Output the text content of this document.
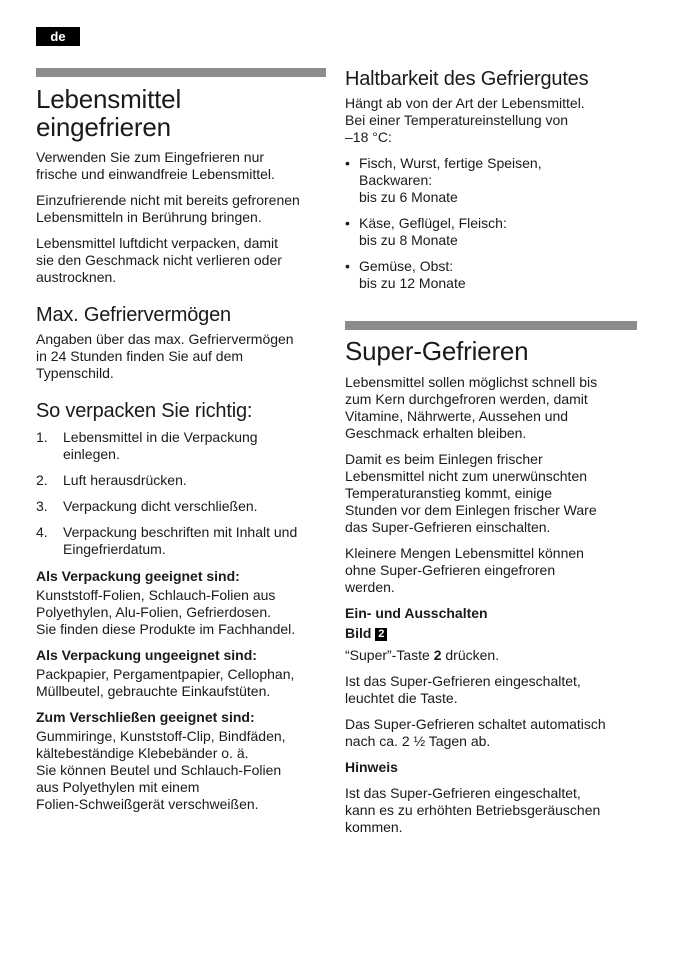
de
Lebensmittel
eingefrieren

Verwenden Sie zum Eingefrieren nur
frische und einwandfreie Lebensmittel.

Einzufrierende nicht mit bereits gefrorenen
Lebensmitteln in Berührung bringen.

Lebensmittel luftdicht verpacken, damit
sie den Geschmack nicht verlieren oder
austrocknen.

Max. Gefriervermögen

Angaben über das max. Gefriervermögen
in 24 Stunden finden Sie auf dem
Typenschild.

So verpacken Sie richtig:
1. Lebensmittel in die Verpackung
einlegen.
2. Luft herausdrücken.
3. Verpackung dicht verschließen.
4. Verpackung beschriften mit Inhalt und
Eingefrierdatum.

Als Verpackung geeignet sind:

Kunststoff-Folien, Schlauch-Folien aus
Polyethylen, Alu-Folien, Gefrierdosen.
Sie finden diese Produkte im Fachhandel.

Als Verpackung ungeeignet sind:

Packpapier, Pergamentpapier, Cellophan,
Müllbeutel, gebrauchte Einkaufstüten.

Zum Verschließen geeignet sind:

Gummiringe, Kunststoff-Clip, Bindfäden,
kältebeständige Klebebänder o. ä.
Sie können Beutel und Schlauch-Folien
aus Polyethylen mit einem
Folien-Schweißgerät verschweißen.

Haltbarkeit des Gefriergutes

Hängt ab von der Art der Lebensmittel.
Bei einer Temperatureinstellung von
–18 °C:

• Fisch, Wurst, fertige Speisen,
Backwaren:
bis zu 6 Monate
• Käse, Geflügel, Fleisch:
bis zu 8 Monate
• Gemüse, Obst:
bis zu 12 Monate
Super-Gefrieren

Lebensmittel sollen möglichst schnell bis
zum Kern durchgefroren werden, damit
Vitamine, Nährwerte, Aussehen und
Geschmack erhalten bleiben.

Damit es beim Einlegen frischer
Lebensmittel nicht zum unerwünschten
Temperaturanstieg kommt, einige
Stunden vor dem Einlegen frischer Ware
das Super-Gefrieren einschalten.

Kleinere Mengen Lebensmittel können
ohne Super-Gefrieren eingefroren
werden.

Ein- und Ausschalten

Bild 2

“Super”-Taste 2 drücken.

Ist das Super-Gefrieren eingeschaltet,
leuchtet die Taste.

Das Super-Gefrieren schaltet automatisch
nach ca. 2 ½ Tagen ab.

Hinweis

Ist das Super-Gefrieren eingeschaltet,
kann es zu erhöhten Betriebsgeräuschen
kommen.
